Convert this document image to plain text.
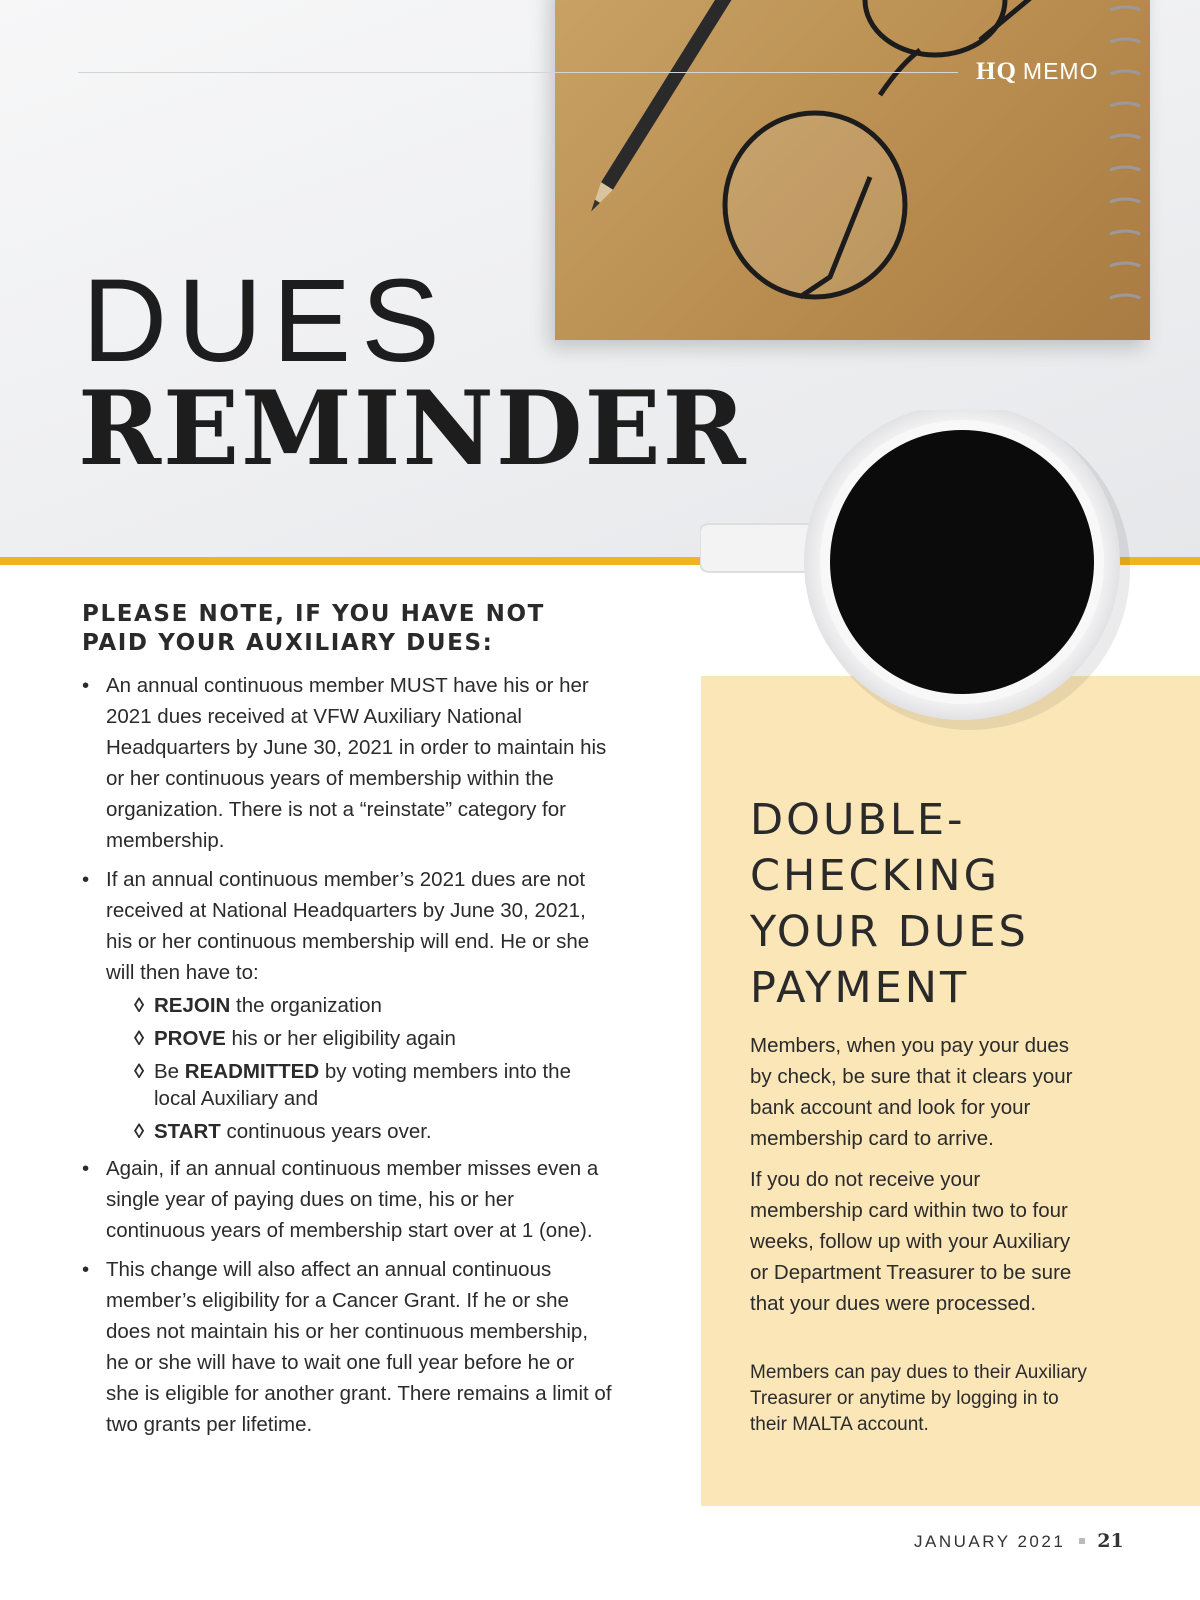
HQ MEMO
DUES
REMINDER
PLEASE NOTE, IF YOU HAVE NOT
PAID YOUR AUXILIARY DUES:
• An annual continuous member MUST have his or her 2021 dues received at VFW Auxiliary National Headquarters by June 30, 2021 in order to maintain his or her continuous years of membership within the organization. There is not a “reinstate” category for membership.
• If an annual continuous member’s 2021 dues are not received at National Headquarters by June 30, 2021, his or her continuous membership will end. He or she will then have to:
◊ REJOIN the organization
◊ PROVE his or her eligibility again
◊ Be READMITTED by voting members into the local Auxiliary and
◊ START continuous years over.
• Again, if an annual continuous member misses even a single year of paying dues on time, his or her continuous years of membership start over at 1 (one).
• This change will also affect an annual continuous member’s eligibility for a Cancer Grant. If he or she does not maintain his or her continuous membership, he or she will have to wait one full year before he or she is eligible for another grant. There remains a limit of two grants per lifetime.
DOUBLE-
CHECKING
YOUR DUES
PAYMENT

Members, when you pay your dues by check, be sure that it clears your bank account and look for your membership card to arrive.

If you do not receive your membership card within two to four weeks, follow up with your Auxiliary or Department Treasurer to be sure that your dues were processed.

Members can pay dues to their Auxiliary Treasurer or anytime by logging in to their MALTA account.

JANUARY 2021 21
